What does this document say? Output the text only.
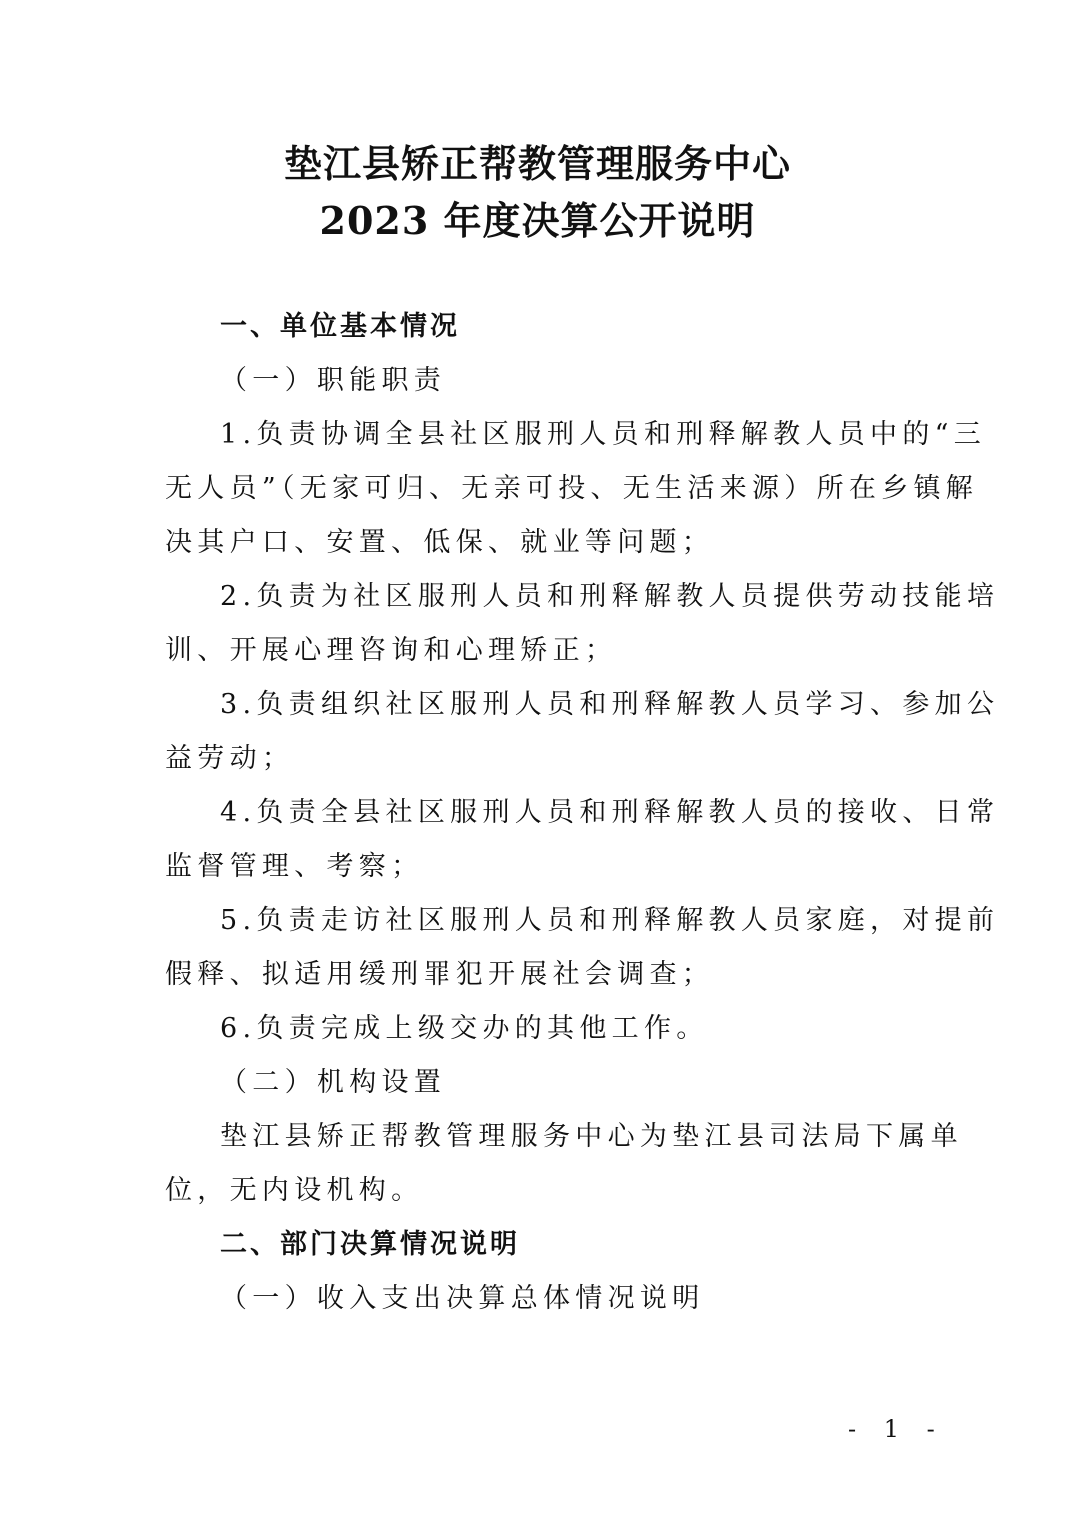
垫江县矫正帮教管理服务中心
2023 年度决算公开说明
一、单位基本情况
（一）职能职责
1.负责协调全县社区服刑人员和刑释解教人员中的“三
无人员”（无家可归、无亲可投、无生活来源）所在乡镇解
决其户口、安置、低保、就业等问题；
2.负责为社区服刑人员和刑释解教人员提供劳动技能培
训、开展心理咨询和心理矫正；
3.负责组织社区服刑人员和刑释解教人员学习、参加公
益劳动；
4.负责全县社区服刑人员和刑释解教人员的接收、日常
监督管理、考察；
5.负责走访社区服刑人员和刑释解教人员家庭，对提前
假释、拟适用缓刑罪犯开展社会调查；
6.负责完成上级交办的其他工作。
（二）机构设置
垫江县矫正帮教管理服务中心为垫江县司法局下属单
位，无内设机构。
二、部门决算情况说明
（一）收入支出决算总体情况说明
- 1 -
